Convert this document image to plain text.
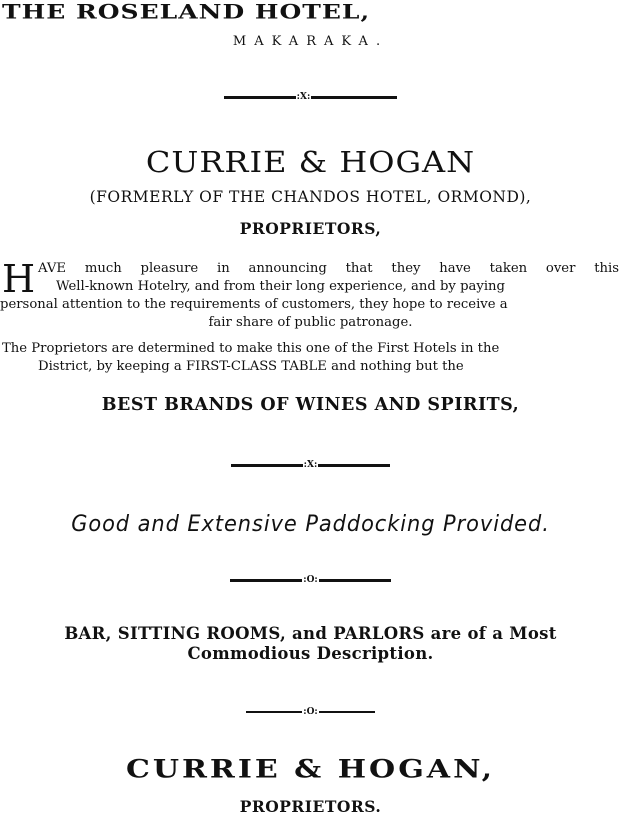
THE ROSELAND HOTEL,
MAKARAKA.
:X:
CURRIE & HOGAN
(FORMERLY OF THE CHANDOS HOTEL, ORMOND),
PROPRIETORS,
H AVE much pleasure in announcing that they have taken over this
Well-known Hotelry, and from their long experience, and by paying
personal attention to the requirements of customers, they hope to receive a
fair share of public patronage.
The Proprietors are determined to make this one of the First Hotels in the
District, by keeping a FIRST-CLASS TABLE and nothing but the
BEST BRANDS OF WINES AND SPIRITS,
:X:
Good and Extensive Paddocking Provided.
:O:
BAR, SITTING ROOMS, and PARLORS are of a Most
Commodious Description.
:O:
CURRIE & HOGAN,
PROPRIETORS.
